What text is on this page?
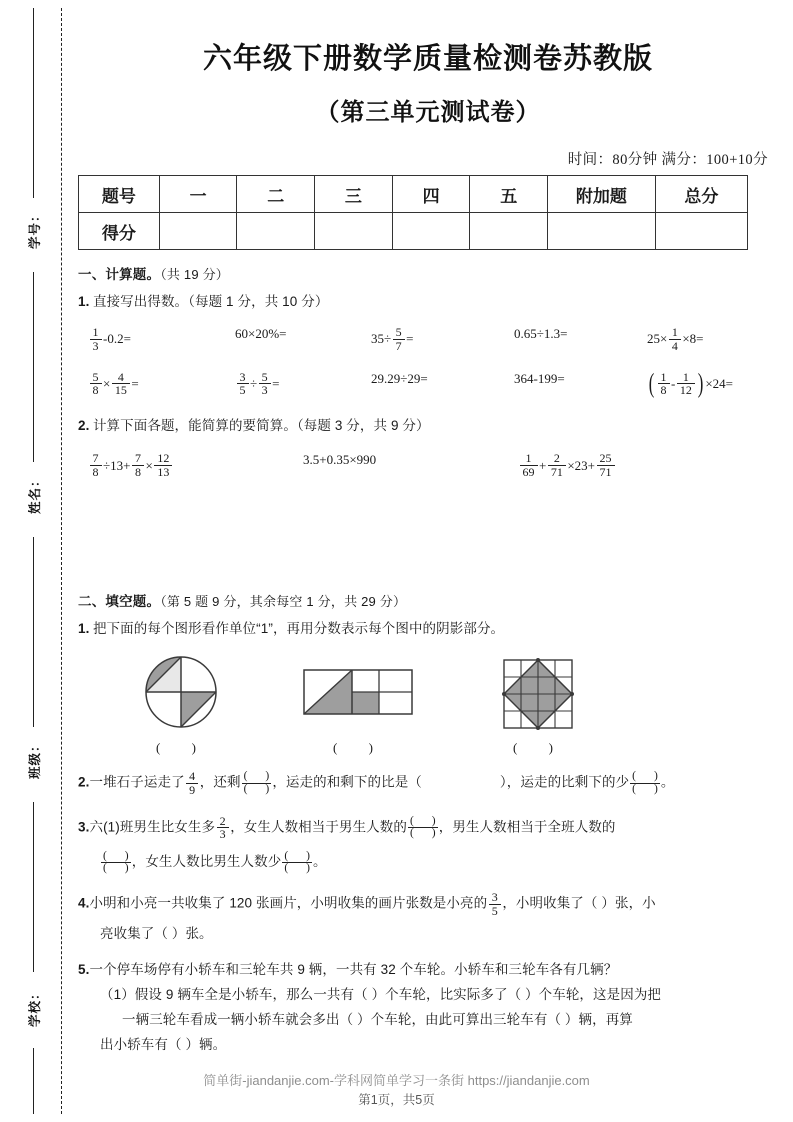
学号：
姓名：
班级：
学校：
六年级下册数学质量检测卷苏教版
（第三单元测试卷）
时间：80分钟 满分：100+10分
题号	一	二	三	四	五	附加题	总分
得分							
一、计算题。（共 19 分）
1. 直接写出得数。（每题 1 分，共 10 分）
$\frac{1}{3} -0.2=$	60×20%=	$35\div \frac{5}{7}$ =	0.65÷1.3=	$25\times \frac{1}{4} \times 8=$
$\frac{5}{8} \times \frac{4}{15}$ =	$\frac{3}{5} \div \frac{5}{3}$ =	29.29÷29=	364-199=	( $\frac{1}{8} - \frac{1}{12}$ ) ×24=
2. 计算下面各题，能简算的要简算。（每题 3 分，共 9 分）
$\frac{7}{8} \div 13+ \frac{7}{8} \times \frac{12}{13}$	3.5+0.35×990	$\frac{1}{69} + \frac{2}{71} \times 23+ \frac{25}{71}$
二、填空题。（第 5 题 9 分，其余每空 1 分，共 29 分）
1. 把下面的每个图形看作单位“1”，再用分数表示每个图中的阴影部分。
( )	( )	( )
2.一堆石子运走了 $\frac{4}{9}$ ，还剩 $\frac{( )}{( )}$ ，运走的和剩下的比是（	），运走的比剩下的少 $\frac{( )}{( )}$ 。
3.六(1)班男生比女生多 $\frac{2}{3}$ ，女生人数相当于男生人数的 $\frac{( )}{( )}$ ，男生人数相当于全班人数的
$\frac{( )}{( )}$ ，女生人数比男生人数少 $\frac{( )}{( )}$ 。
4.小明和小亮一共收集了 120 张画片，小明收集的画片张数是小亮的 $\frac{3}{5}$ ，小明收集了（ ）张，小
亮收集了（ ）张。
5.一个停车场停有小轿车和三轮车共 9 辆，一共有 32 个车轮。小轿车和三轮车各有几辆？
（1）假设 9 辆车全是小轿车，那么一共有（ ）个车轮，比实际多了（ ）个车轮，这是因为把
一辆三轮车看成一辆小轿车就会多出（ ）个车轮，由此可算出三轮车有（ ）辆，再算
出小轿车有（ ）辆。
简单街-jiandanjie.com-学科网简单学习一条街 https://jiandanjie.com
第1页，共5页
